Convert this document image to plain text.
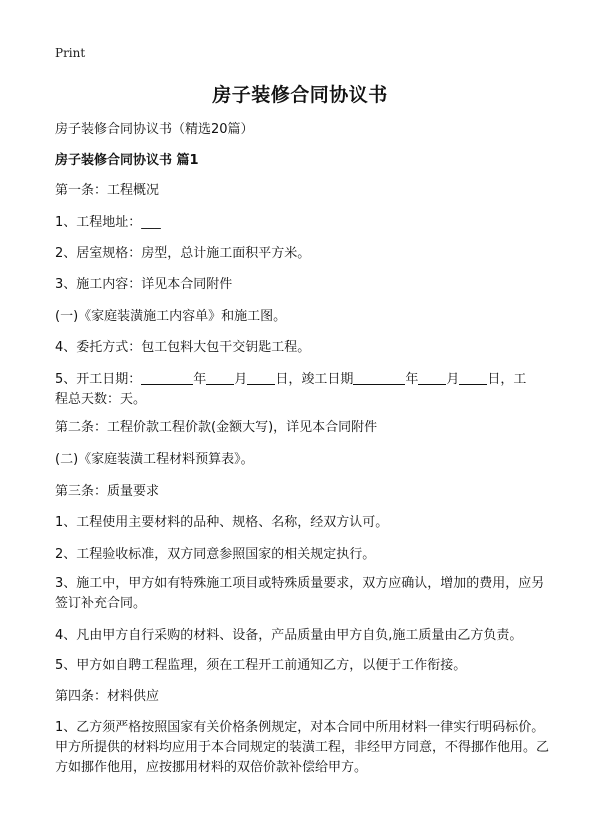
Print
房子装修合同协议书
房子装修合同协议书（精选20篇）
房子装修合同协议书 篇1
第一条：工程概况
1、工程地址：___
2、居室规格：房型，总计施工面积平方米。
3、施工内容：详见本合同附件
(一)《家庭装潢施工内容单》和施工图。
4、委托方式：包工包料大包干交钥匙工程。
5、开工日期：	年 月 日，竣工日期	年 月 日，工
程总天数：天。
第二条：工程价款工程价款(金额大写)，详见本合同附件
(二)《家庭装潢工程材料预算表》。
第三条：质量要求
1、工程使用主要材料的品种、规格、名称，经双方认可。
2、工程验收标准，双方同意参照国家的相关规定执行。
3、施工中，甲方如有特殊施工项目或特殊质量要求，双方应确认，增加的费用，应另签订补充合同。
4、凡由甲方自行采购的材料、设备，产品质量由甲方自负,施工质量由乙方负责。
5、甲方如自聘工程监理，须在工程开工前通知乙方，以便于工作衔接。
第四条：材料供应
1、乙方须严格按照国家有关价格条例规定，对本合同中所用材料一律实行明码标价。甲方所提供的材料均应用于本合同规定的装潢工程，非经甲方同意，不得挪作他用。乙方如挪作他用，应按挪用材料的双倍价款补偿给甲方。
